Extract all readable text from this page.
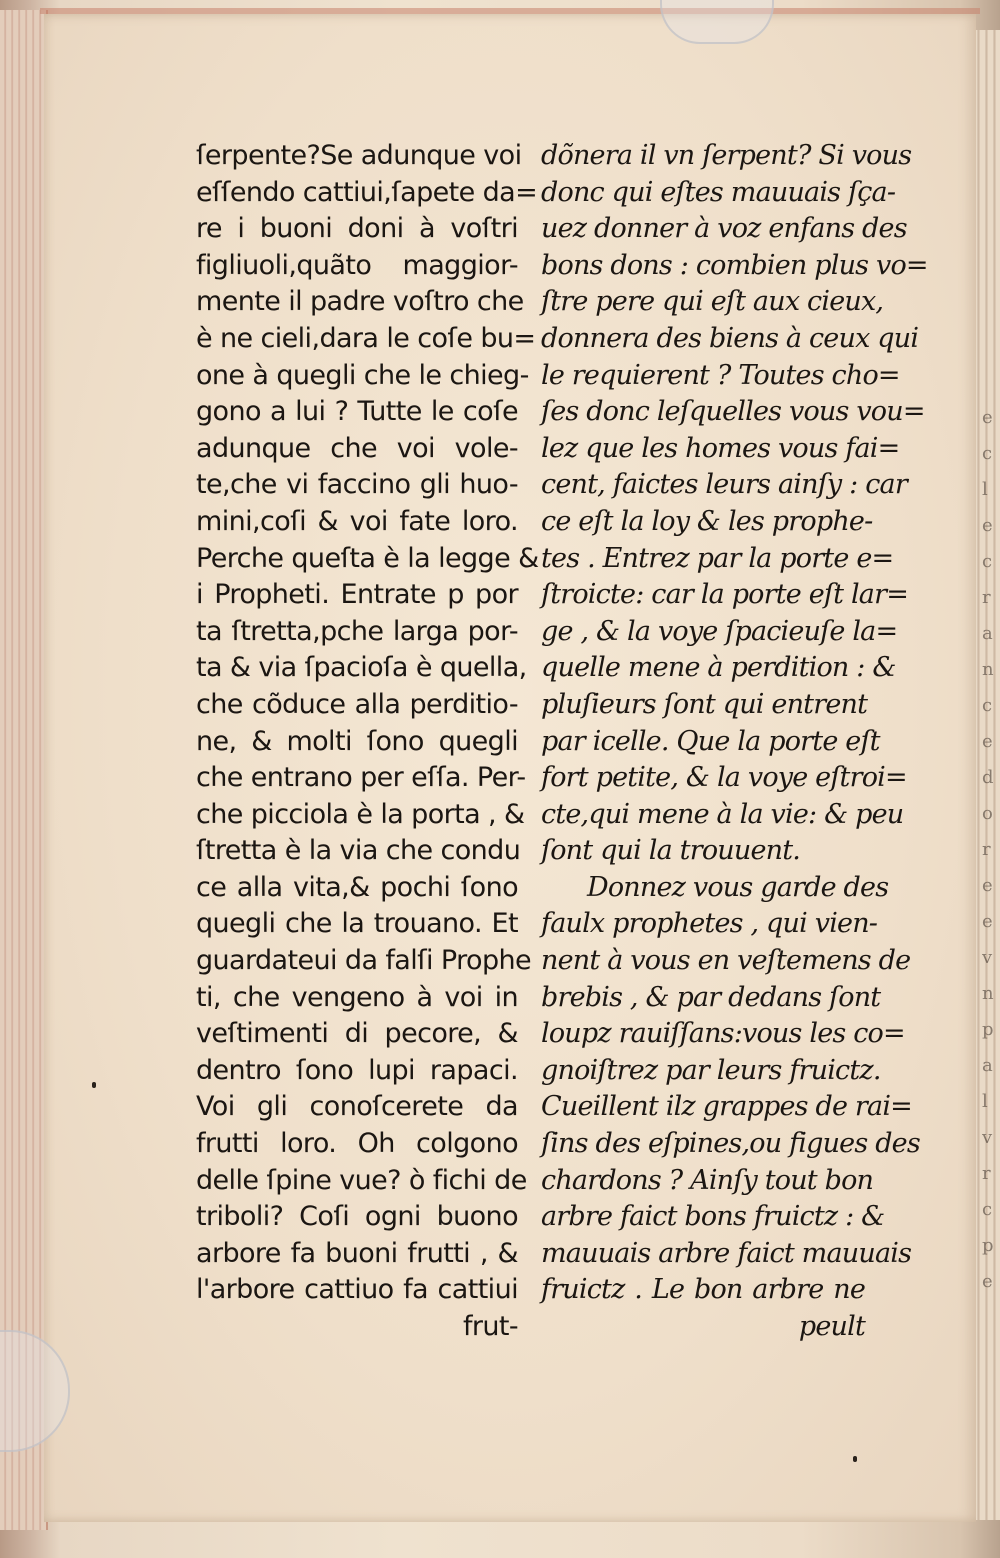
e
c
l
e
c
r
a
n
c
e
d
o
r
e
e
v
n
p
a
l
v
r
c
p
e
ſerpente?Se adunque voi
eſſendo cattiui,ſapete da=
re i buoni doni à voſtri
figliuoli,quãto maggior-
mente il padre voſtro che
è ne cieli,dara le coſe bu=
one à quegli che le chieg-
gono a lui ? Tutte le coſe
adunque che voi vole-
te,che vi faccino gli huo-
mini,coſi & voi fate loro.
Perche queſta è la legge &
i Propheti. Entrate p por
ta ſtretta,pche larga por-
ta & via ſpacioſa è quella,
che cõduce alla perditio-
ne, & molti ſono quegli
che entrano per eſſa. Per-
che picciola è la porta , &
ſtretta è la via che condu
ce alla vita,& pochi ſono
quegli che la trouano. Et
guardateui da falſi Prophe
ti, che vengeno à voi in
veſtimenti di pecore, &
dentro ſono lupi rapaci.
Voi gli conoſcerete da
frutti loro. Oh colgono
delle ſpine vue? ò fichi de
triboli? Coſi ogni buono
arbore fa buoni frutti , &
l'arbore cattiuo fa cattiui
frut-
dõnera il vn ſerpent? Si vous
donc qui eſtes mauuais ſça-
uez donner à voz enfans des
bons dons : combien plus vo=
ſtre pere qui eſt aux cieux,
donnera des biens à ceux qui
le requierent ? Toutes cho=
ſes donc leſquelles vous vou=
lez que les homes vous fai=
cent, faictes leurs ainſy : car
ce eſt la loy & les prophe-
tes . Entrez par la porte e=
ſtroicte: car la porte eſt lar=
ge , & la voye ſpacieuſe la=
quelle mene à perdition : &
pluſieurs ſont qui entrent
par icelle. Que la porte eſt
fort petite, & la voye eſtroi=
cte,qui mene à la vie: & peu
ſont qui la trouuent.
Donnez vous garde des
faulx prophetes , qui vien-
nent à vous en veſtemens de
brebis , & par dedans ſont
loupz rauiſſans:vous les co=
gnoiſtrez par leurs fruictz.
Cueillent ilz grappes de rai=
ſins des eſpines,ou figues des
chardons ? Ainſy tout bon
arbre faict bons fruictz : &
mauuais arbre faict mauuais
fruictz . Le bon arbre ne
peult
